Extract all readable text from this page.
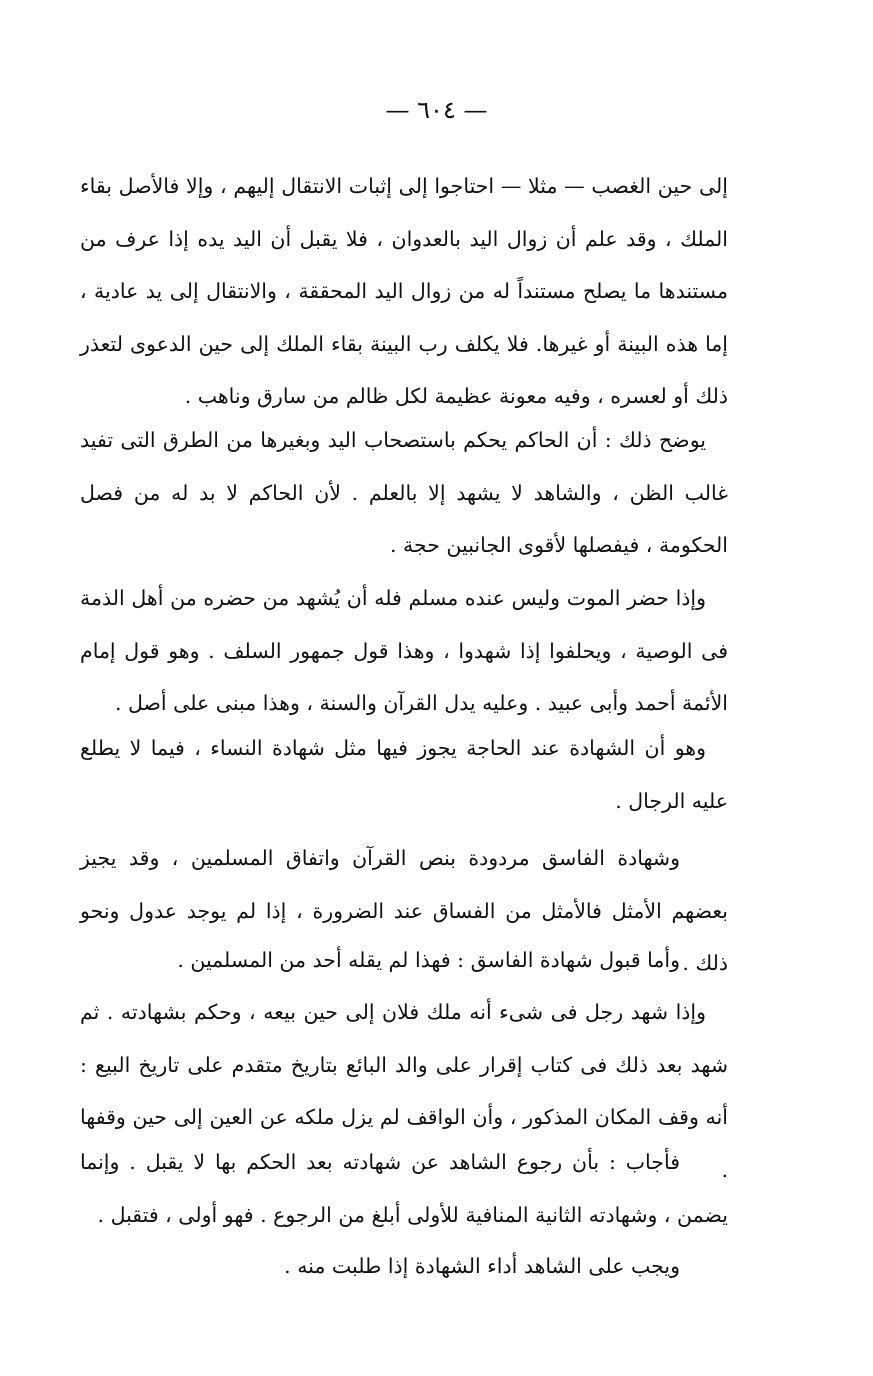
— ٦٠٤ —

إلى حين الغصب — مثلا — احتاجوا إلى إثبات الانتقال إليهم ، وإلا فالأصل بقاء الملك ، وقد علم أن زوال اليد بالعدوان ، فلا يقبل أن اليد يده إذا عرف من مستندها ما يصلح مستنداً له من زوال اليد المحققة ، والانتقال إلى يد عادية ، إما هذه البينة أو غيرها. فلا يكلف رب البينة بقاء الملك إلى حين الدعوى لتعذر ذلك أو لعسره ، وفيه معونة عظيمة لكل ظالم من سارق وناهب .

يوضح ذلك : أن الحاكم يحكم باستصحاب اليد وبغيرها من الطرق التى تفيد غالب الظن ، والشاهد لا يشهد إلا بالعلم . لأن الحاكم لا بد له من فصل الحكومة ، فيفصلها لأقوى الجانبين حجة .

وإذا حضر الموت وليس عنده مسلم فله أن يُشهد من حضره من أهل الذمة فى الوصية ، ويحلفوا إذا شهدوا ، وهذا قول جمهور السلف . وهو قول إمام الأئمة أحمد وأبى عبيد . وعليه يدل القرآن والسنة ، وهذا مبنى على أصل .

وهو أن الشهادة عند الحاجة يجوز فيها مثل شهادة النساء ، فيما لا يطلع عليه الرجال .

وشهادة الفاسق مردودة بنص القرآن واتفاق المسلمين ، وقد يجيز بعضهم الأمثل فالأمثل من الفساق عند الضرورة ، إذا لم يوجد عدول ونحو ذلك .

وأما قبول شهادة الفاسق : فهذا لم يقله أحد من المسلمين .

وإذا شهد رجل فى شىء أنه ملك فلان إلى حين بيعه ، وحكم بشهادته . ثم شهد بعد ذلك فى كتاب إقرار على والد البائع بتاريخ متقدم على تاريخ البيع : أنه وقف المكان المذكور ، وأن الواقف لم يزل ملكه عن العين إلى حين وقفها .

فأجاب : بأن رجوع الشاهد عن شهادته بعد الحكم بها لا يقبل . وإنما يضمن ، وشهادته الثانية المنافية للأولى أبلغ من الرجوع . فهو أولى ، فتقبل .

ويجب على الشاهد أداء الشهادة إذا طلبت منه .
